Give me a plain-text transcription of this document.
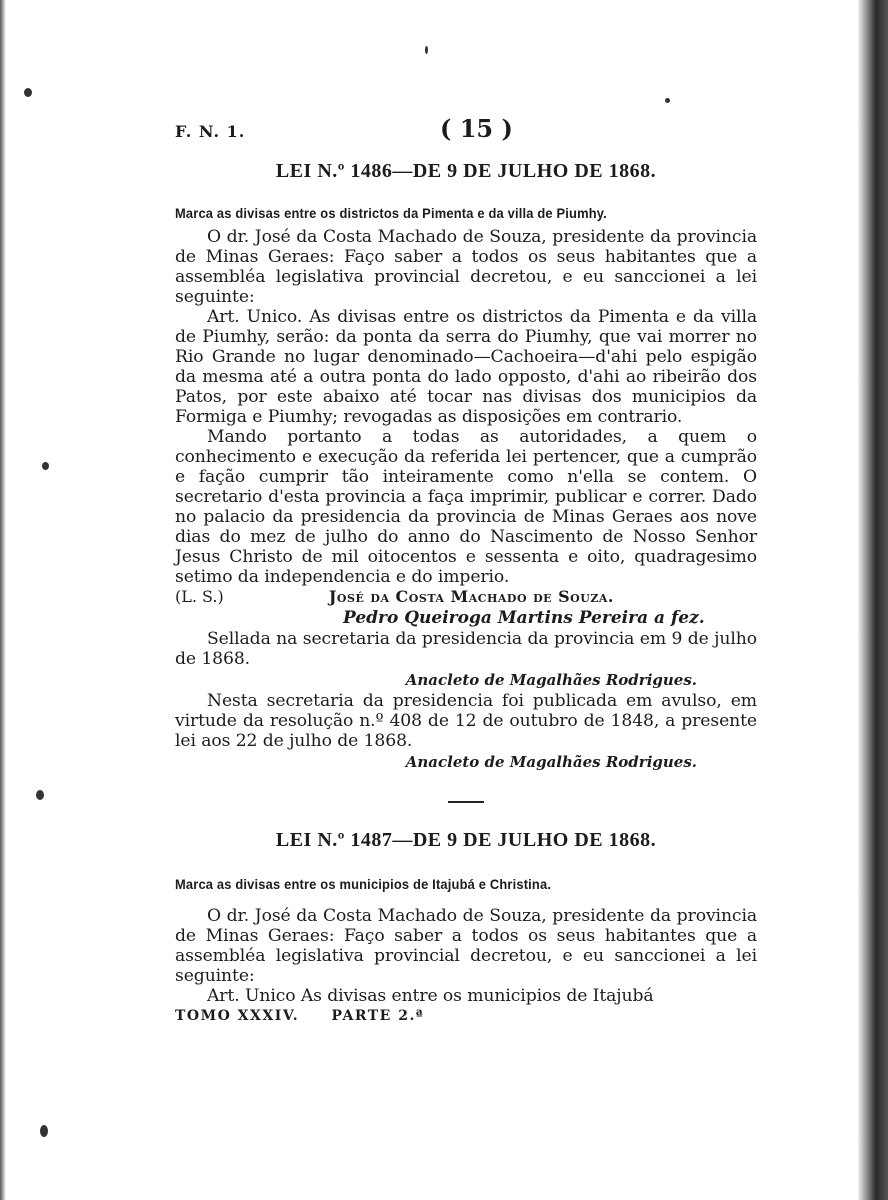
F. N. 1.	( 15 )
LEI N.º 1486—DE 9 DE JULHO DE 1868.

Marca as divisas entre os districtos da Pimenta e da villa de Piumhy.

O dr. José da Costa Machado de Souza, presidente da provincia de Minas Geraes: Faço saber a todos os seus habitantes que a assembléa legislativa provincial decretou, e eu sanccionei a lei seguinte:

Art. Unico. As divisas entre os districtos da Pimenta e da villa de Piumhy, serão: da ponta da serra do Piumhy, que vai morrer no Rio Grande no lugar denominado—Cachoeira—d'ahi pelo espigão da mesma até a outra ponta do lado opposto, d'ahi ao ribeirão dos Patos, por este abaixo até tocar nas divisas dos municipios da Formiga e Piumhy; revogadas as disposições em contrario.

Mando portanto a todas as autoridades, a quem o conhecimento e execução da referida lei pertencer, que a cumprão e fação cumprir tão inteiramente como n'ella se contem. O secretario d'esta provincia a faça imprimir, publicar e correr. Dado no palacio da presidencia da provincia de Minas Geraes aos nove dias do mez de julho do anno do Nascimento de Nosso Senhor Jesus Christo de mil oitocentos e sessenta e oito, quadragesimo setimo da independencia e do imperio.

(L. S.)	José da Costa Machado de Souza.

Pedro Queiroga Martins Pereira a fez.

Sellada na secretaria da presidencia da provincia em 9 de julho de 1868.

Anacleto de Magalhães Rodrigues.

Nesta secretaria da presidencia foi publicada em avulso, em virtude da resolução n.º 408 de 12 de outubro de 1848, a presente lei aos 22 de julho de 1868.

Anacleto de Magalhães Rodrigues.

LEI N.º 1487—DE 9 DE JULHO DE 1868.

Marca as divisas entre os municipios de Itajubá e Christina.

O dr. José da Costa Machado de Souza, presidente da provincia de Minas Geraes: Faço saber a todos os seus habitantes que a assembléa legislativa provincial decretou, e eu sanccionei a lei seguinte:

Art. Unico As divisas entre os municipios de Itajubá

TOMO XXXIV. PARTE 2.ª
